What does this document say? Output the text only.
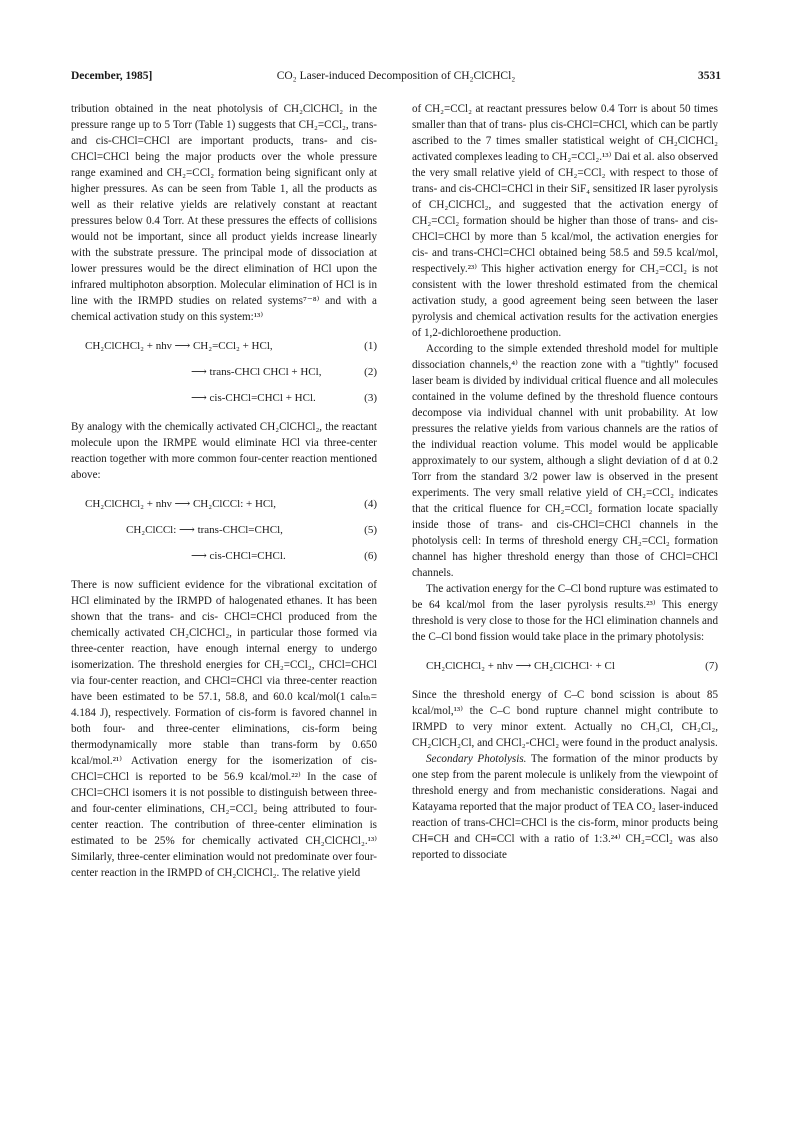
December, 1985]	CO₂ Laser-induced Decomposition of CH₂ClCHCl₂	3531

tribution obtained in the neat photolysis of CH₂ClCHCl₂ in the pressure range up to 5 Torr (Table 1) suggests that CH₂=CCl₂, trans- and cis-CHCl=CHCl are important products, trans- and cis-CHCl=CHCl being the major products over the whole pressure range examined and CH₂=CCl₂ formation being significant only at higher pressures. As can be seen from Table 1, all the products as well as their relative yields are relatively constant at reactant pressures below 0.4 Torr. At these pressures the effects of collisions would not be important, since all product yields increase linearly with the substrate pressure. The principal mode of dissociation at lower pressures would be the direct elimination of HCl upon the infrared multiphoton absorption. Molecular elimination of HCl is in line with the IRMPD studies on related systems⁷⁻⁸⁾ and with a chemical activation study on this system:¹³⁾

CH₂ClCHCl₂ + nhν ⟶ CH₂=CCl₂ + HCl,	(1)
⟶ trans-CHCl CHCl + HCl,	(2)
⟶ cis-CHCl=CHCl + HCl.	(3)

By analogy with the chemically activated CH₂ClCHCl₂, the reactant molecule upon the IRMPE would eliminate HCl via three-center reaction together with more common four-center reaction mentioned above:

CH₂ClCHCl₂ + nhν ⟶ CH₂ClCCl: + HCl,	(4)
CH₂ClCCl: ⟶ trans-CHCl=CHCl,	(5)
⟶ cis-CHCl=CHCl.	(6)

There is now sufficient evidence for the vibrational excitation of HCl eliminated by the IRMPD of halogenated ethanes. It has been shown that the trans- and cis- CHCl=CHCl produced from the chemically activated CH₂ClCHCl₂, in particular those formed via three-center reaction, have enough internal energy to undergo isomerization. The threshold energies for CH₂=CCl₂, CHCl=CHCl via four-center reaction, and CHCl=CHCl via three-center reaction have been estimated to be 57.1, 58.8, and 60.0 kcal/mol(1 calₜₕ= 4.184 J), respectively. Formation of cis-form is favored channel in both four- and three-center eliminations, cis-form being thermodynamically more stable than trans-form by 0.650 kcal/mol.²¹⁾ Activation energy for the isomerization of cis-CHCl=CHCl is reported to be 56.9 kcal/mol.²²⁾ In the case of CHCl=CHCl isomers it is not possible to distinguish between three- and four-center eliminations, CH₂=CCl₂ being attributed to four-center reaction. The contribution of three-center elimination is estimated to be 25% for chemically activated CH₂ClCHCl₂.¹³⁾ Similarly, three-center elimination would not predominate over four-center reaction in the IRMPD of CH₂ClCHCl₂. The relative yield

of CH₂=CCl₂ at reactant pressures below 0.4 Torr is about 50 times smaller than that of trans- plus cis-CHCl=CHCl, which can be partly ascribed to the 7 times smaller statistical weight of CH₂ClCHCl₂ activated complexes leading to CH₂=CCl₂.¹³⁾ Dai et al. also observed the very small relative yield of CH₂=CCl₂ with respect to those of trans- and cis-CHCl=CHCl in their SiF₄ sensitized IR laser pyrolysis of CH₂ClCHCl₂, and suggested that the activation energy of CH₂=CCl₂ formation should be higher than those of trans- and cis-CHCl=CHCl by more than 5 kcal/mol, the activation energies for cis- and trans-CHCl=CHCl obtained being 58.5 and 59.5 kcal/mol, respectively.²³⁾ This higher activation energy for CH₂=CCl₂ is not consistent with the lower threshold estimated from the chemical activation study, a good agreement being seen between the laser pyrolysis and chemical activation results for the activation energies of 1,2-dichloroethene production.

According to the simple extended threshold model for multiple dissociation channels,⁴⁾ the reaction zone with a "tightly" focused laser beam is divided by individual critical fluence and all molecules contained in the volume defined by the threshold fluence contours decompose via individual channel with unit probability. At low pressures the relative yields from various channels are the ratios of the individual reaction volume. This model would be applicable approximately to our system, although a slight deviation of d at 0.2 Torr from the standard 3/2 power law is observed in the present experiments. The very small relative yield of CH₂=CCl₂ indicates that the critical fluence for CH₂=CCl₂ formation locate spacially inside those of trans- and cis-CHCl=CHCl channels in the photolysis cell: In terms of threshold energy CH₂=CCl₂ formation channel has higher threshold energy than those of CHCl=CHCl channels.

The activation energy for the C–Cl bond rupture was estimated to be 64 kcal/mol from the laser pyrolysis results.²³⁾ This energy threshold is very close to those for the HCl elimination channels and the C–Cl bond fission would take place in the primary photolysis:

CH₂ClCHCl₂ + nhν ⟶ CH₂ClCHCl· + Cl	(7)

Since the threshold energy of C–C bond scission is about 85 kcal/mol,¹³⁾ the C–C bond rupture channel might contribute to IRMPD to very minor extent. Actually no CH₃Cl, CH₂Cl₂, CH₂ClCH₂Cl, and CHCl₂-CHCl₂ were found in the product analysis.

Secondary Photolysis. The formation of the minor products by one step from the parent molecule is unlikely from the viewpoint of threshold energy and from mechanistic considerations. Nagai and Katayama reported that the major product of TEA CO₂ laser-induced reaction of trans-CHCl=CHCl is the cis-form, minor products being CH≡CH and CH≡CCl with a ratio of 1:3.²⁴⁾ CH₂=CCl₂ was also reported to dissociate
